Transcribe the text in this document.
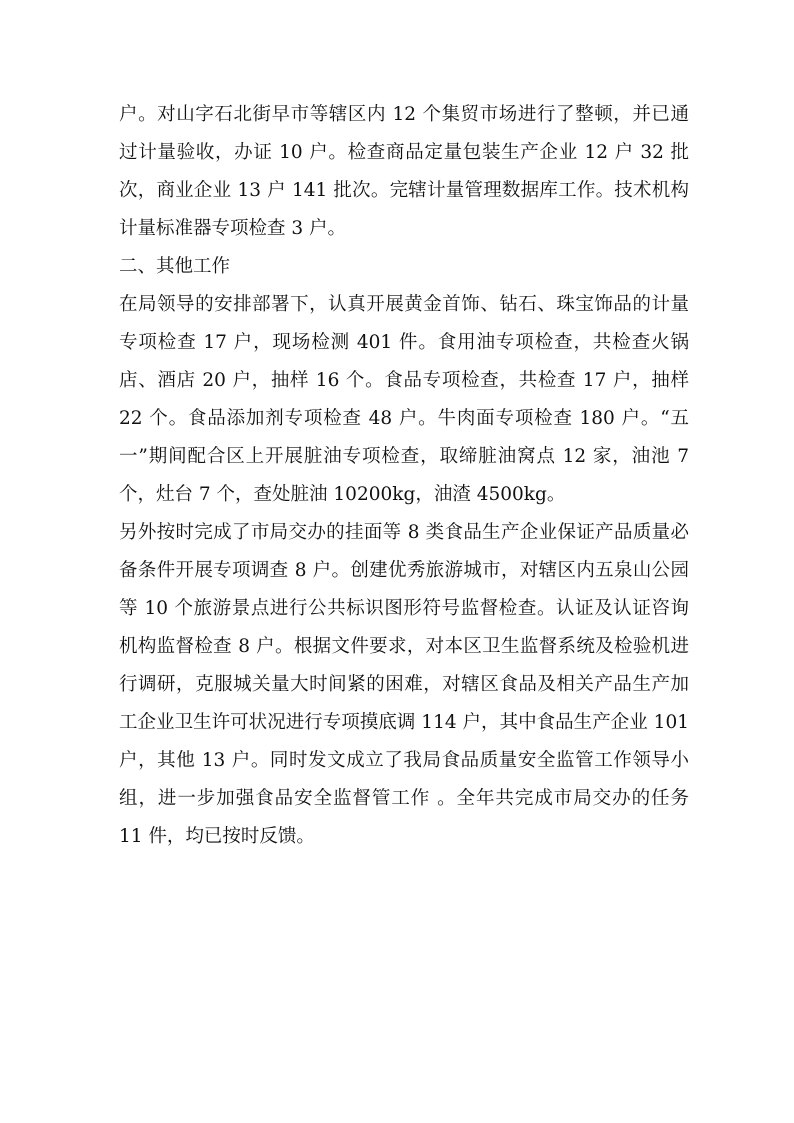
户。对山字石北街早市等辖区内 12 个集贸市场进行了整顿，并已通过计量验收，办证 10 户。检查商品定量包装生产企业 12 户 32 批次，商业企业 13 户 141 批次。完辖计量管理数据库工作。技术机构计量标准器专项检查 3 户。

二、其他工作

在局领导的安排部署下，认真开展黄金首饰、钻石、珠宝饰品的计量专项检查 17 户，现场检测 401 件。食用油专项检查，共检查火锅店、酒店 20 户，抽样 16 个。食品专项检查，共检查 17 户，抽样 22 个。食品添加剂专项检查 48 户。牛肉面专项检查 180 户。“五一”期间配合区上开展脏油专项检查，取缔脏油窝点 12 家，油池 7 个，灶台 7 个，查处脏油 10200kg，油渣 4500kg。

另外按时完成了市局交办的挂面等 8 类食品生产企业保证产品质量必备条件开展专项调查 8 户。创建优秀旅游城市，对辖区内五泉山公园等 10 个旅游景点进行公共标识图形符号监督检查。认证及认证咨询机构监督检查 8 户。根据文件要求，对本区卫生监督系统及检验机进行调研，克服城关量大时间紧的困难，对辖区食品及相关产品生产加工企业卫生许可状况进行专项摸底调 114 户，其中食品生产企业 101 户，其他 13 户。同时发文成立了我局食品质量安全监管工作领导小组，进一步加强食品安全监督管工作 。全年共完成市局交办的任务 11 件，均已按时反馈。
